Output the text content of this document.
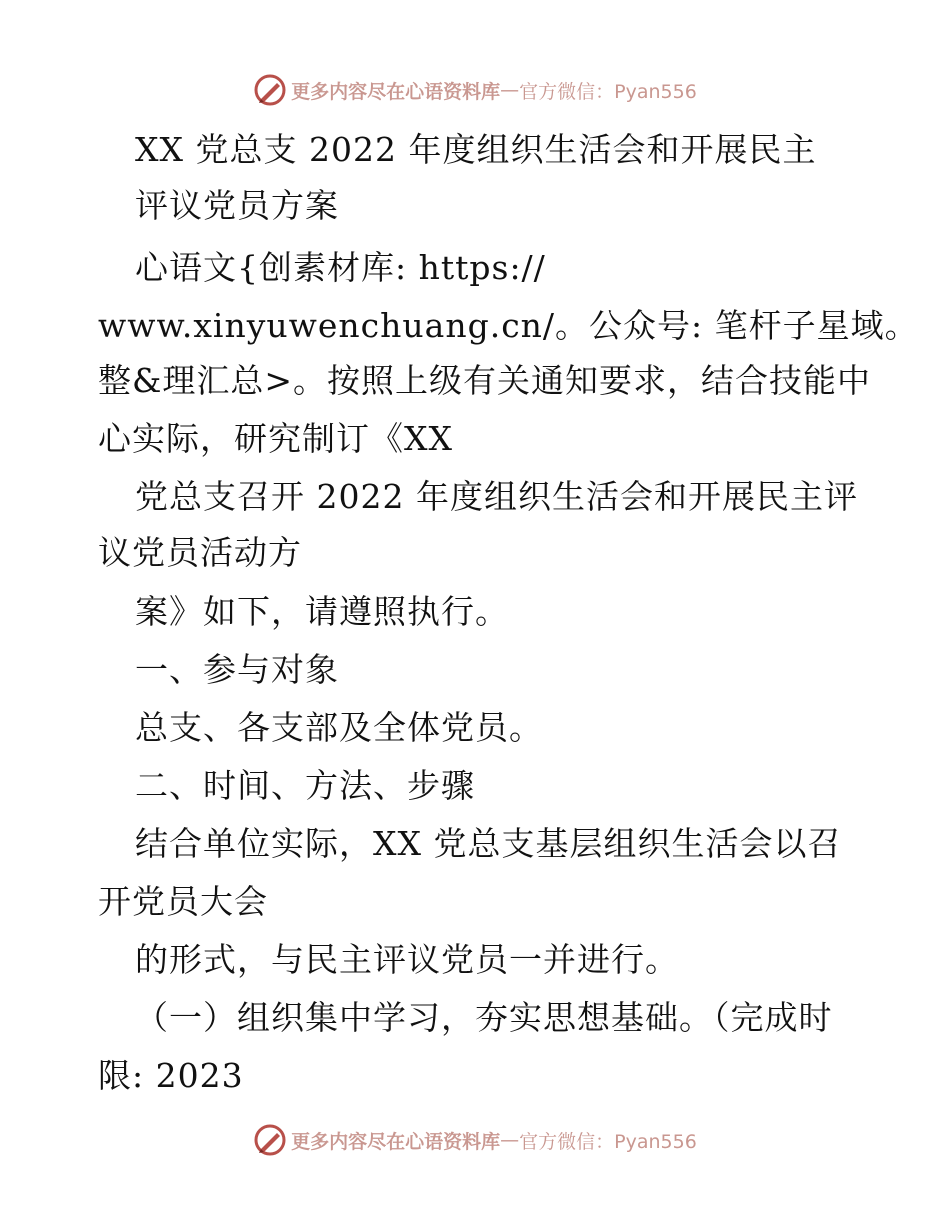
更多内容尽在心语资料库 — 官方微信：Pyan556
XX 党总支 2022 年度组织生活会和开展民主
评议党员方案
心语文{创素材库: https://
www.xinyuwenchuang.cn/。公众号: 笔杆子星域。
整&理汇总>。按照上级有关通知要求，结合技能中
心实际，研究制订《XX
党总支召开 2022 年度组织生活会和开展民主评
议党员活动方
案》如下，请遵照执行。
一、参与对象
总支、各支部及全体党员。
二、时间、方法、步骤
结合单位实际，XX 党总支基层组织生活会以召
开党员大会
的形式，与民主评议党员一并进行。
（一）组织集中学习，夯实思想基础。（完成时
限: 2023
更多内容尽在心语资料库 — 官方微信：Pyan556
